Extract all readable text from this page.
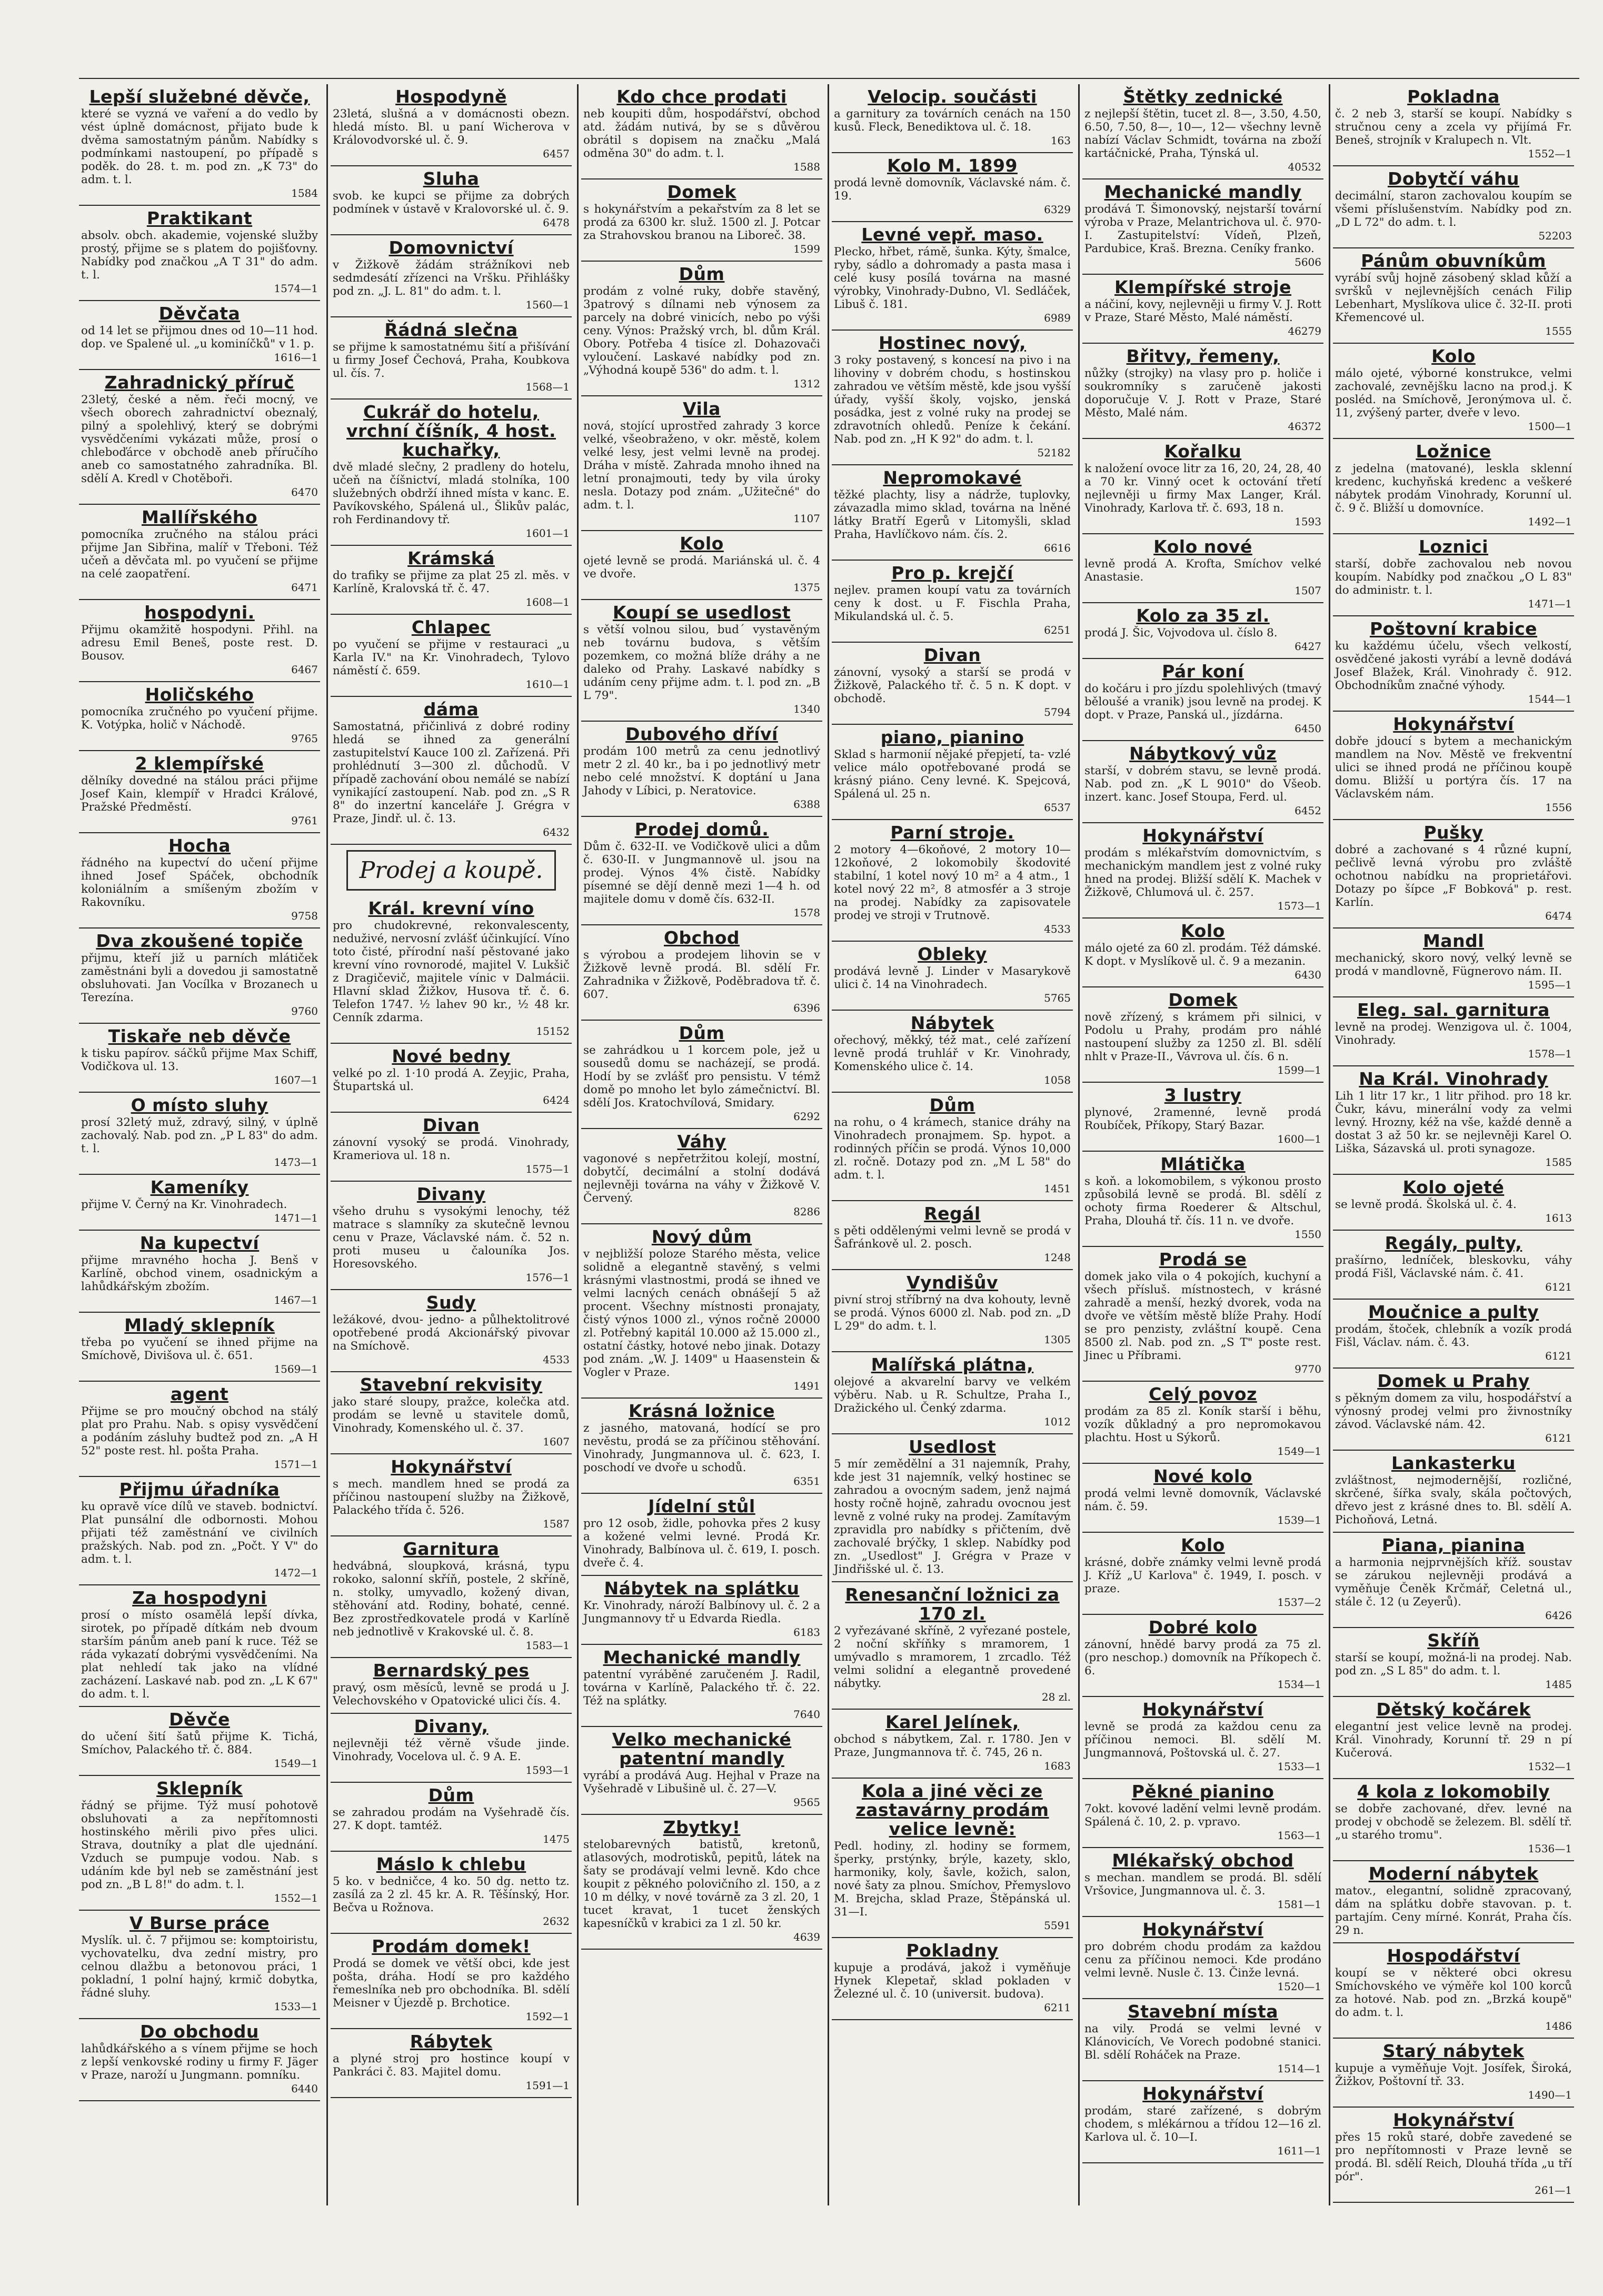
Lepší služebné děvče,

které se vyzná ve vaření a do vedlo by vést úplně domácnost, přijato bude k dvěma samostatným pánům. Nabídky s podmínkami nastoupení, po případě s poděk. do 28. t. m. pod zn. „K 73" do adm. t. l.

1584
Praktikant

absolv. obch. akademie, vojenské služby prostý, přijme se s platem do pojišťovny. Nabídky pod značkou „A T 31" do adm. t. l.

1574—1
Děvčata

od 14 let se přijmou dnes od 10—11 hod. dop. ve Spalené ul. „u kominíčků" v 1. p.

1616—1
Zahradnický příruč

23letý, české a něm. řeči mocný, ve všech oborech zahradnictví obeznalý, pilný a spolehlivý, který se dobrými vysvědčeními vykázati může, prosí o chleboďárce v obchodě aneb příručího aneb co samostatného zahradníka. Bl. sdělí A. Kredl v Chotěboři.

6470
Mallířského

pomocníka zručného na stálou práci přijme Jan Sibřina, malíř v Třeboni. Též učeň a děvčata ml. po vyučení se přijme na celé zaopatření.

6471
hospodyni.

Přijmu okamžitě hospodyni. Přihl. na adresu Emil Beneš, poste rest. D. Bousov.

6467
Holičského

pomocníka zručného po vyučení přijme. K. Votýpka, holič v Náchodě.

9765
2 klempířské

dělníky dovedné na stálou práci přijme Josef Kain, klempíř v Hradci Králové, Pražské Předměstí.

9761
Hocha

řádného na kupectví do učení přijme ihned Josef Spáček, obchodník koloniálním a smíšeným zbožím v Rakovníku.

9758
Dva zkoušené topiče

přijmu, kteří již u parních mlátiček zaměstnáni byli a dovedou ji samostatně obsluhovati. Jan Vocílka v Brozanech u Terezína.

9760
Tiskaře neb děvče

k tisku papírov. sáčků přijme Max Schiff, Vodičkova ul. 13.

1607—1
O místo sluhy

prosí 32letý muž, zdravý, silný, v úplně zachovalý. Nab. pod zn. „P L 83" do adm. t. l.

1473—1
Kameníky

přijme V. Černý na Kr. Vinohradech.

1471—1
Na kupectví

přijme mravného hocha J. Benš v Karlíně, obchod vinem, osadnickým a lahůdkářským zbožím.

1467—1
Mladý sklepník

třeba po vyučení se ihned přijme na Smíchově, Divišova ul. č. 651.

1569—1
agent

Přijme se pro moučný obchod na stálý plat pro Prahu. Nab. s opisy vysvědčení a podáním zásluhy budtež pod zn. „A H 52" poste rest. hl. pošta Praha.

1571—1
Přijmu úřadníka

ku opravě více dílů ve staveb. bodnictví. Plat punsální dle odbornosti. Mohou přijati též zaměstnání ve civilních pražských. Nab. pod zn. „Počt. Y V" do adm. t. l.

1472—1
Za hospodyni

prosí o místo osamělá lepší dívka, sirotek, po případě dítkám neb dvoum starším pánům aneb paní k ruce. Též se ráda vykazatí dobrými vysvědčeními. Na plat nehledí tak jako na vlídné zacházení. Laskavé nab. pod zn. „L K 67" do adm. t. l.

Děvče

do učení šití šatů přijme K. Tichá, Smíchov, Palackého tř. č. 884.

1549—1
Sklepník

řádný se přijme. Týž musí pohotově obsluhovati a za nepřítomnosti hostinského měrili pivo přes ulici. Strava, doutníky a plat dle ujednání. Vzduch se pumpuje vodou. Nab. s udáním kde byl neb se zaměstnání jest pod zn. „B L 8!" do adm. t. l.

1552—1
V Burse práce

Myslík. ul. č. 7 přijmou se: komptoiristu, vychovatelku, dva zední mistry, pro celnou dlažbu a betonovou práci, 1 pokladní, 1 polní hajný, krmič dobytka, řádné sluhy.

1533—1
Do obchodu

lahůdkářského a s vínem přijme se hoch z lepší venkovské rodiny u firmy F. Jäger v Praze, naroží u Jungmann. pomníku.

6440
Hospodyně

23letá, slušná a v domácnosti obezn. hledá místo. Bl. u paní Wicherova v Královodvorské ul. č. 9.

6457
Sluha

svob. ke kupci se přijme za dobrých podmínek v ústavě v Kralovorské ul. č. 9.

6478
Domovnictví

v Žižkově žádám strážníkovi neb sedmdesátí zřízenci na Vršku. Přihlášky pod zn. „J. L. 81" do adm. t. l.

1560—1
Řádná slečna

se přijme k samostatnému šití a přišívání u firmy Josef Čechová, Praha, Koubkova ul. čís. 7.

1568—1
Cukrář do hotelu, vrchní číšník, 4 host. kuchařky,

dvě mladé slečny, 2 pradleny do hotelu, učeň na číšnictví, mladá stolníka, 100 služebných obdrží ihned místa v kanc. E. Pavíkovského, Spálená ul., Šlikův palác, roh Ferdinandovy tř.

1601—1
Krámská

do trafiky se přijme za plat 25 zl. měs. v Karlíně, Kralovská tř. č. 47.

1608—1
Chlapec

po vyučení se přijme v restauraci „u Karla IV." na Kr. Vinohradech, Tylovo náměstí č. 659.

1610—1
dáma

Samostatná, přičinlivá z dobré rodiny hledá se ihned za generální zastupitelství Kauce 100 zl. Zařízená. Při prohlédnutí 3—300 zl. důchodů. V případě zachování obou nemálé se nabízí vynikající zastoupení. Nab. pod zn. „S R 8" do inzertní kanceláře J. Grégra v Praze, Jindř. ul. č. 13.

6432
Prodej a koupě.
Král. krevní víno

pro chudokrevné, rekonvalescenty, neduživé, nervosní zvlášť účinkující. Víno toto čisté, přírodní naší pěstované jako krevní víno rovnorodé, majitel V. Lukšič z Dragičevič, majitele vínic v Dalmácii. Hlavní sklad Žižkov, Husova tř. č. 6. Telefon 1747. ½ lahev 90 kr., ½ 48 kr. Cenník zdarma.

15152
Nové bedny

velké po zl. 1·10 prodá A. Zeyjic, Praha, Štupartská ul.

6424
Divan

zánovní vysoký se prodá. Vinohrady, Krameriova ul. 18 n.

1575—1
Divany

všeho druhu s vysokými lenochy, též matrace s slamníky za skutečně levnou cenu v Praze, Václavské nám. č. 52 n. proti museu u čalouníka Jos. Horesovského.

1576—1
Sudy

ležákové, dvou- jedno- a půlhektolitrové opotřebené prodá Akcionářský pivovar na Smíchově.

4533
Stavební rekvisity

jako staré sloupy, pražce, kolečka atd. prodám se levně u stavitele domů, Vinohrady, Komenského ul. č. 37.

1607
Hokynářství

s mech. mandlem hned se prodá za příčinou nastoupení služby na Žižkově, Palackého třída č. 526.

1587
Garnitura

hedvábná, sloupková, krásná, typu rokoko, salonní skříň, postele, 2 skříně, n. stolky, umyvadlo, kožený divan, stěhování atd. Rodiny, bohaté, cenné. Bez zprostředkovatele prodá v Karlíně neb jednotlivě v Krakovské ul. č. 8.

1583—1
Bernardský pes

pravý, osm měsíců, levně se prodá u J. Velechovského v Opatovické ulici čís. 4.

Divany,

nejlevněji též věrně všude jinde. Vinohrady, Vocelova ul. č. 9 A. E.

1593—1
Dům

se zahradou prodám na Vyšehradě čís. 27. K dopt. tamtéž.

1475
Máslo k chlebu

5 ko. v bedničce, 4 ko. 50 dg. netto tz. zasílá za 2 zl. 45 kr. A. R. Těšínský, Hor. Bečva u Rožnova.

2632
Prodám domek!

Prodá se domek ve větší obci, kde jest pošta, dráha. Hodí se pro každého řemeslníka neb pro obchodníka. Bl. sdělí Meisner v Újezdě p. Brchotice.

1592—1
Rábytek

a plyné stroj pro hostince koupí v Pankráci č. 83. Majitel domu.

1591—1
Kdo chce prodati

neb koupiti dům, hospodářství, obchod atd. žádám nutivá, by se s důvěrou obrátil s dopisem na značku „Malá odměna 30" do adm. t. l.

1588
Domek

s hokynářstvím a pekařstvím za 8 let se prodá za 6300 kr. služ. 1500 zl. J. Potcar za Strahovskou branou na Liboreč. 38.

1599
Dům

prodám z volné ruky, dobře stavěný, 3patrový s dílnami neb výnosem za parcely na dobré vinicích, nebo po výši ceny. Výnos: Pražský vrch, bl. dům Král. Obory. Potřeba 4 tisíce zl. Dohazovači vyloučení. Laskavé nabídky pod zn. „Výhodná koupě 536" do adm. t. l.

1312
Vila

nová, stojící uprostřed zahrady 3 korce velké, všeobraženo, v okr. městě, kolem velké lesy, jest velmi levně na prodej. Dráha v místě. Zahrada mnoho ihned na letní pronajmouti, tedy by vila úroky nesla. Dotazy pod znám. „Užitečné" do adm. t. l.

1107
Kolo

ojeté levně se prodá. Mariánská ul. č. 4 ve dvoře.

1375
Koupí se usedlost

s větší volnou silou, bud´ vystavěným neb továrnu budova, s větším pozemkem, co možná blíže dráhy a ne daleko od Prahy. Laskavé nabídky s udáním ceny přijme adm. t. l. pod zn. „B L 79".

1340
Dubového dříví

prodám 100 metrů za cenu jednotlivý metr 2 zl. 40 kr., ba i po jednotlivý metr nebo celé množství. K doptání u Jana Jahody v Líbici, p. Neratovice.

6388
Prodej domů.

Dům č. 632-II. ve Vodičkově ulici a dům č. 630-II. v Jungmannově ul. jsou na prodej. Výnos 4% čistě. Nabídky písemné se dějí denně mezi 1—4 h. od majitele domu v domě čís. 632-II.

1578
Obchod

s výrobou a prodejem lihovin se v Žižkově levně prodá. Bl. sdělí Fr. Zahradnika v Žižkově, Poděbradova tř. č. 607.

6396
Dům

se zahrádkou u 1 korcem pole, jež u sousedů domu se nacházejí, se prodá. Hodí by se zvlášť pro pensistu. V témž domě po mnoho let bylo zámečnictví. Bl. sdělí Jos. Kratochvílová, Smidary.

6292
Váhy

vagonové s nepřetržitou kolejí, mostní, dobytčí, decimální a stolní dodává nejlevněji továrna na váhy v Žižkově V. Červený.

8286
Nový dům

v nejbližší poloze Starého města, velice solidně a elegantně stavěný, s velmi krásnými vlastnostmi, prodá se ihned ve velmi lacných cenách obnášejí 5 až procent. Všechny místnosti pronajaty, čistý výnos 1000 zl., výnos ročně 20000 zl. Potřebný kapitál 10.000 až 15.000 zl., ostatní částky, hotové nebo jinak. Dotazy pod znám. „W. J. 1409" u Haasenstein & Vogler v Praze.

1491
Krásná ložnice

z jasného, matovaná, hodící se pro nevěstu, prodá se za příčinou stěhování. Vinohrady, Jungmannova ul. č. 623, I. poschodí ve dvoře u schodů.

6351
Jídelní stůl

pro 12 osob, židle, pohovka přes 2 kusy a kožené velmi levné. Prodá Kr. Vinohrady, Balbínova ul. č. 619, I. posch. dveře č. 4.

Nábytek na splátku

Kr. Vinohrady, nároží Balbínovy ul. č. 2 a Jungmannovy tř u Edvarda Riedla.

6183
Mechanické mandly

patentní vyráběné zaručeném J. Radil, továrna v Karlíně, Palackého tř. č. 22. Též na splátky.

7640
Velko mechanické patentní mandly

vyrábí a prodává Aug. Hejhal v Praze na Vyšehradě v Libušině ul. č. 27—V.

9565
Zbytky!

stelobarevných batistů, kretonů, atlasových, modrotisků, pepitů, látek na šaty se prodávají velmi levně. Kdo chce koupit z pěkného polovičního zl. 150, a z 10 m délky, v nové továrně za 3 zl. 20, 1 tucet kravat, 1 tucet ženských kapesníčků v krabici za 1 zl. 50 kr.

4639
Velocip. součásti

a garnitury za továrních cenách na 150 kusů. Fleck, Benediktova ul. č. 18.

163
Kolo M. 1899

prodá levně domovník, Václavské nám. č. 19.

6329
Levné vepř. maso.

Plecko, hřbet, rámě, šunka. Kýty, šmalce, ryby, sádlo a dohromady a pasta masa i celé kusy posílá továrna na masné výrobky, Vinohrady-Dubno, Vl. Sedláček, Libuš č. 181.

6989
Hostinec nový,

3 roky postavený, s koncesí na pivo i na lihoviny v dobrém chodu, s hostinskou zahradou ve větším městě, kde jsou vyšší úřady, vyšší školy, vojsko, jenská posádka, jest z volné ruky na prodej se zdravotních ohledů. Peníze k čekání. Nab. pod zn. „H K 92" do adm. t. l.

52182
Nepromokavé

těžké plachty, lisy a nádrže, tuplovky, závazadla mimo sklad, továrna na lněné látky Bratří Egerů v Litomyšli, sklad Praha, Havlíčkovo nám. čís. 2.

6616
Pro p. krejčí

nejlev. pramen koupí vatu za továrních ceny k dost. u F. Fischla Praha, Mikulandská ul. č. 5.

6251
Divan

zánovní, vysoký a starší se prodá v Žižkově, Palackého tř. č. 5 n. K dopt. v obchodě.

5794
piano, pianino

Sklad s harmonií nějaké přepjetí, ta- vzlé velice málo opotřebované prodá se krásný piáno. Ceny levné. K. Spejcová, Spálená ul. 25 n.

6537
Parní stroje.

2 motory 4—6koňové, 2 motory 10—12koňové, 2 lokomobily škodovité stabilní, 1 kotel nový 10 m² a 4 atm., 1 kotel nový 22 m², 8 atmosfér a 3 stroje na prodej. Nabídky za zapisovatele prodej ve stroji v Trutnově.

4533
Obleky

prodává levně J. Linder v Masarykově ulici č. 14 na Vinohradech.

5765
Nábytek

ořechový, měkký, též mat., celé zařízení levně prodá truhlář v Kr. Vinohrady, Komenského ulice č. 14.

1058
Dům

na rohu, o 4 krámech, stanice dráhy na Vinohradech pronajmem. Sp. hypot. a rodinných příčin se prodá. Výnos 10,000 zl. ročně. Dotazy pod zn. „M L 58" do adm. t. l.

1451
Regál

s pěti oddělenými velmi levně se prodá v Šafránkově ul. 2. posch.

1248
Vyndišův

pivní stroj stříbrný na dva kohouty, levně se prodá. Výnos 6000 zl. Nab. pod zn. „D L 29" do adm. t. l.

1305
Malířská plátna,

olejové a akvarelní barvy ve velkém výběru. Nab. u R. Schultze, Praha I., Dražického ul. Čenký zdarma.

1012
Usedlost

5 mír zemědělní a 31 najemník, Prahy, kde jest 31 najemník, velký hostinec se zahradou a ovocným sadem, jenž najmá hosty ročně hojně, zahradu ovocnou jest levně z volné ruky na prodej. Zamítavým zpravidla pro nabídky s přičtením, dvě zachovalé brýčky, 1 sklep. Nabídky pod zn. „Usedlost" J. Grégra v Praze v Jindřišské ul. č. 13.

Renesanční ložnici za 170 zl.

2 vyřezávané skříně, 2 vyřezané postele, 2 noční skříňky s mramorem, 1 umývadlo s mramorem, 1 zrcadlo. Též velmi solidní a elegantně provedené nábytky.

28 zl.
Karel Jelínek,

obchod s nábytkem, Zal. r. 1780. Jen v Praze, Jungmannova tř. č. 745, 26 n.

1683
Kola a jiné věci ze zastavárny prodám velice levně:

Pedl. hodiny, zl. hodiny se formem, šperky, prstýnky, brýle, kazety, sklo, harmoniky, koly, šavle, kožich, salon, nové šaty za plnou. Smíchov, Přemyslovo M. Brejcha, sklad Praze, Štěpánská ul. 31—I.

5591
Pokladny

kupuje a prodává, jakož i vyměňuje Hynek Klepetař, sklad pokladen v Železné ul. č. 10 (universit. budova).

6211
Štětky zednické

z nejlepší štětin, tucet zl. 8—, 3.50, 4.50, 6.50, 7.50, 8—, 10—, 12— všechny levně nabízí Václav Schmidt, továrna na zboží kartáčnické, Praha, Týnská ul.

40532
Mechanické mandly

prodává T. Šimonovský, nejstarší tovární výroba v Praze, Melantrichova ul. č. 970-I. Zastupitelství: Vídeň, Plzeň, Pardubice, Kraš. Brezna. Ceníky franko.

5606
Klempířské stroje

a náčiní, kovy, nejlevněji u firmy V. J. Rott v Praze, Staré Město, Malé náměstí.

46279
Břitvy, řemeny,

nůžky (strojky) na vlasy pro p. holiče i soukromníky s zaručeně jakosti doporučuje V. J. Rott v Praze, Staré Město, Malé nám.

46372
Kořalku

k naložení ovoce litr za 16, 20, 24, 28, 40 a 70 kr. Vinný ocet k octování třetí nejlevněji u firmy Max Langer, Král. Vinohrady, Karlova tř. č. 693, 18 n.

1593
Kolo nové

levně prodá A. Krofta, Smíchov velké Anastasie.

1507
Kolo za 35 zl.

prodá J. Šic, Vojvodova ul. číslo 8.

6427
Pár koní

do kočáru i pro jízdu spolehlivých (tmavý běloušé a vranik) jsou levně na prodej. K dopt. v Praze, Panská ul., jízdárna.

6450
Nábytkový vůz

starší, v dobrém stavu, se levně prodá. Nab. pod zn. „K L 9010" do Všeob. inzert. kanc. Josef Stoupa, Ferd. ul.

6452
Hokynářství

prodám s mlékařstvím domovnictvím, s mechanickým mandlem jest z volné ruky hned na prodej. Bližší sdělí K. Machek v Žižkově, Chlumová ul. č. 257.

1573—1
Kolo

málo ojeté za 60 zl. prodám. Též dámské. K dopt. v Myslíkově ul. č. 9 a mezanin.

6430
Domek

nově zřízený, s krámem při silnici, v Podolu u Prahy, prodám pro náhlé nastoupení služby za 1250 zl. Bl. sdělí nhlt v Praze-II., Vávrova ul. čís. 6 n.

1599—1
3 lustry

plynové, 2ramenné, levně prodá Roubíček, Příkopy, Starý Bazar.

1600—1
Mlátička

s koň. a lokomobilem, s výkonou prosto způsobilá levně se prodá. Bl. sdělí z ochoty firma Roederer & Altschul, Praha, Dlouhá tř. čís. 11 n. ve dvoře.

1550
Prodá se

domek jako vila o 4 pokojích, kuchyní a všech přísluš. místnostech, v krásné zahradě a menší, hezký dvorek, voda na dvoře ve větším městě blíže Prahy. Hodí se pro penzisty, zvláštní koupě. Cena 8500 zl. Nab. pod zn. „S T" poste rest. Jinec u Příbrami.

9770
Celý povoz

prodám za 85 zl. Koník starší i běhu, vozík důkladný a pro nepromokavou plachtu. Host u Sýkorů.

1549—1
Nové kolo

prodá velmi levně domovník, Václavské nám. č. 59.

1539—1
Kolo

krásné, dobře známky velmi levně prodá J. Kříž „U Karlova" č. 1949, I. posch. v praze.

1537—2
Dobré kolo

zánovní, hnědé barvy prodá za 75 zl. (pro neschop.) domovník na Příkopech č. 6.

1534—1
Hokynářství

levně se prodá za každou cenu za příčinou nemoci. Bl. sdělí M. Jungmannová, Poštovská ul. č. 27.

1533—1
Pěkné pianino

7okt. kovové ladění velmi levně prodám. Spálená č. 10, 2. p. vpravo.

1563—1
Mlékařský obchod

s mechan. mandlem se prodá. Bl. sdělí Vršovice, Jungmannova ul. č. 3.

1581—1
Hokynářství

pro dobrém chodu prodám za každou cenu za příčinou nemoci. Kde prodáno velmi levně. Nusle č. 13. Činže levná.

1520—1
Stavební místa

na vily. Prodá se velmi levné v Klánovicích, Ve Vorech podobné stanici. Bl. sdělí Roháček na Praze.

1514—1
Hokynářství

prodám, staré zařízené, s dobrým chodem, s mlékárnou a třídou 12—16 zl. Karlova ul. č. 10—I.

1611—1
Pokladna

č. 2 neb 3, starší se koupí. Nabídky s stručnou ceny a zcela vy přijímá Fr. Beneš, strojník v Kralupech n. Vlt.

1552—1
Dobytčí váhu

decimální, staron zachovalou koupím se všemi příslušenstvím. Nabídky pod zn. „D L 72" do adm. t. l.

52203
Pánům obuvníkům

vyrábí svůj hojně zásobený sklad kůží a svršků v nejlevnějších cenách Filip Lebenhart, Myslíkova ulice č. 32-II. proti Křemencové ul.

1555
Kolo

málo ojeté, výborné konstrukce, velmi zachovalé, zevnějšku lacno na prod.j. K posléd. na Smíchově, Jeronýmova ul. č. 11, zvýšený parter, dveře v levo.

1500—1
Ložnice

z jedelna (matované), leskla sklenní kredenc, kuchyňská kredenc a veškeré nábytek prodám Vinohrady, Korunní ul. č. 9 č. Bližší u domovníce.

1492—1
Loznici

starší, dobře zachovalou neb novou koupím. Nabídky pod značkou „O L 83" do administr. t. l.

1471—1
Poštovní krabice

ku každému účelu, všech velkostí, osvědčené jakosti vyrábí a levně dodává Josef Blažek, Král. Vinohrady č. 912. Obchodníkům značné výhody.

1544—1
Hokynářství

dobře jdoucí s bytem a mechanickým mandlem na Nov. Městě ve frekventní ulici se ihned prodá ne příčinou koupě domu. Bližší u portýra čís. 17 na Václavském nám.

1556
Pušky

dobré a zachované s 4 různé kupní, pečlivě levná výrobu pro zvláště ochotnou nabídku na proprietářovi. Dotazy po šípce „F Bobková" p. rest. Karlín.

6474
Mandl

mechanický, skoro nový, velký levně se prodá v mandlovně, Fügnerovo nám. II.

1595—1
Eleg. sal. garnitura

levně na prodej. Wenzigova ul. č. 1004, Vinohrady.

1578—1
Na Král. Vinohrady

Lih 1 litr 17 kr., 1 litr přihod. pro 18 kr. Čukr, kávu, minerální vody za velmi levný. Hrozny, kéž na vše, každé denně a dostat 3 až 50 kr. se nejlevněji Karel O. Liška, Sázavská ul. proti synagoze.

1585
Kolo ojeté

se levně prodá. Školská ul. č. 4.

1613
Regály, pulty,

prašírno, ledníček, bleskovku, váhy prodá Fišl, Václavské nám. č. 41.

6121
Moučnice a pulty

prodám, štoček, chlebník a vozík prodá Fišl, Václav. nám. č. 43.

6121
Domek u Prahy

s pěkným domem za vilu, hospodářství a výnosný prodej velmi pro živnostníky závod. Václavské nám. 42.

6121
Lankasterku

zvláštnost, nejmodernější, rozličné, skrčené, šířka svaly, skála počtových, dřevo jest z krásné dnes to. Bl. sdělí A. Pichoňová, Letná.

Piana, pianina

a harmonia nejprvnějších kříž. soustav se zárukou nejlevněji prodává a vyměňuje Čeněk Krčmář, Celetná ul., stále č. 12 (u Zeyerů).

6426
Skříň

starší se koupí, možná-li na prodej. Nab. pod zn. „S L 85" do adm. t. l.

1485
Dětský kočárek

elegantní jest velice levně na prodej. Král. Vinohrady, Korunní tř. 29 n pí Kučerová.

1532—1
4 kola z lokomobily

se dobře zachované, dřev. levné na prodej v obchodě se železem. Bl. sdělí tř. „u starého tromu".

1536—1
Moderní nábytek

matov., elegantní, solidně zpracovaný, dám na splátku dobře stavovan. p. t. partajím. Ceny mírné. Konrát, Praha čís. 29 n.

Hospodářství

koupí se v některé obci okresu Smíchovského ve výměře kol 100 korců za hotové. Nab. pod zn. „Brzká koupě" do adm. t. l.

1486
Starý nábytek

kupuje a vyměňuje Vojt. Josífek, Široká, Žižkov, Poštovní tř. 33.

1490—1
Hokynářství

přes 15 roků staré, dobře zavedené se pro nepřítomnosti v Praze levně se prodá. Bl. sdělí Reich, Dlouhá třída „u tří pór".

261—1
